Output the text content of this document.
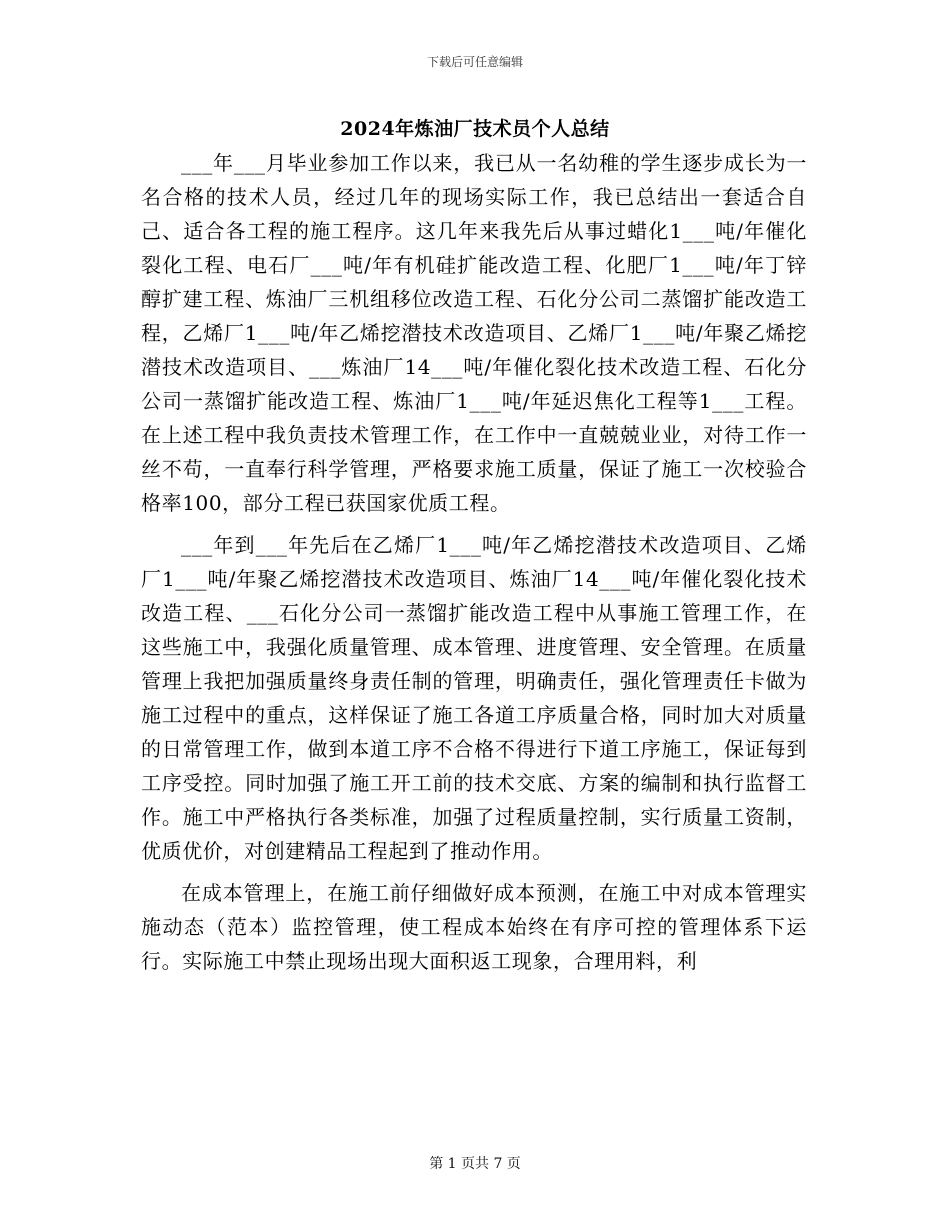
下载后可任意编辑
2024年炼油厂技术员个人总结

___年___月毕业参加工作以来，我已从一名幼稚的学生逐步成长为一名合格的技术人员，经过几年的现场实际工作，我已总结出一套适合自己、适合各工程的施工程序。这几年来我先后从事过蜡化1___吨/年催化裂化工程、电石厂___吨/年有机硅扩能改造工程、化肥厂1___吨/年丁锌醇扩建工程、炼油厂三机组移位改造工程、石化分公司二蒸馏扩能改造工程，乙烯厂1___吨/年乙烯挖潜技术改造项目、乙烯厂1___吨/年聚乙烯挖潜技术改造项目、___炼油厂14___吨/年催化裂化技术改造工程、石化分公司一蒸馏扩能改造工程、炼油厂1___吨/年延迟焦化工程等1___工程。在上述工程中我负责技术管理工作，在工作中一直兢兢业业，对待工作一丝不苟，一直奉行科学管理，严格要求施工质量，保证了施工一次校验合格率100，部分工程已获国家优质工程。

___年到___年先后在乙烯厂1___吨/年乙烯挖潜技术改造项目、乙烯厂1___吨/年聚乙烯挖潜技术改造项目、炼油厂14___吨/年催化裂化技术改造工程、___石化分公司一蒸馏扩能改造工程中从事施工管理工作，在这些施工中，我强化质量管理、成本管理、进度管理、安全管理。在质量管理上我把加强质量终身责任制的管理，明确责任，强化管理责任卡做为施工过程中的重点，这样保证了施工各道工序质量合格，同时加大对质量的日常管理工作，做到本道工序不合格不得进行下道工序施工，保证每到工序受控。同时加强了施工开工前的技术交底、方案的编制和执行监督工作。施工中严格执行各类标准，加强了过程质量控制，实行质量工资制，优质优价，对创建精品工程起到了推动作用。

在成本管理上，在施工前仔细做好成本预测，在施工中对成本管理实施动态（范本）监控管理，使工程成本始终在有序可控的管理体系下运行。实际施工中禁止现场出现大面积返工现象，合理用料，利

第 1 页共 7 页
